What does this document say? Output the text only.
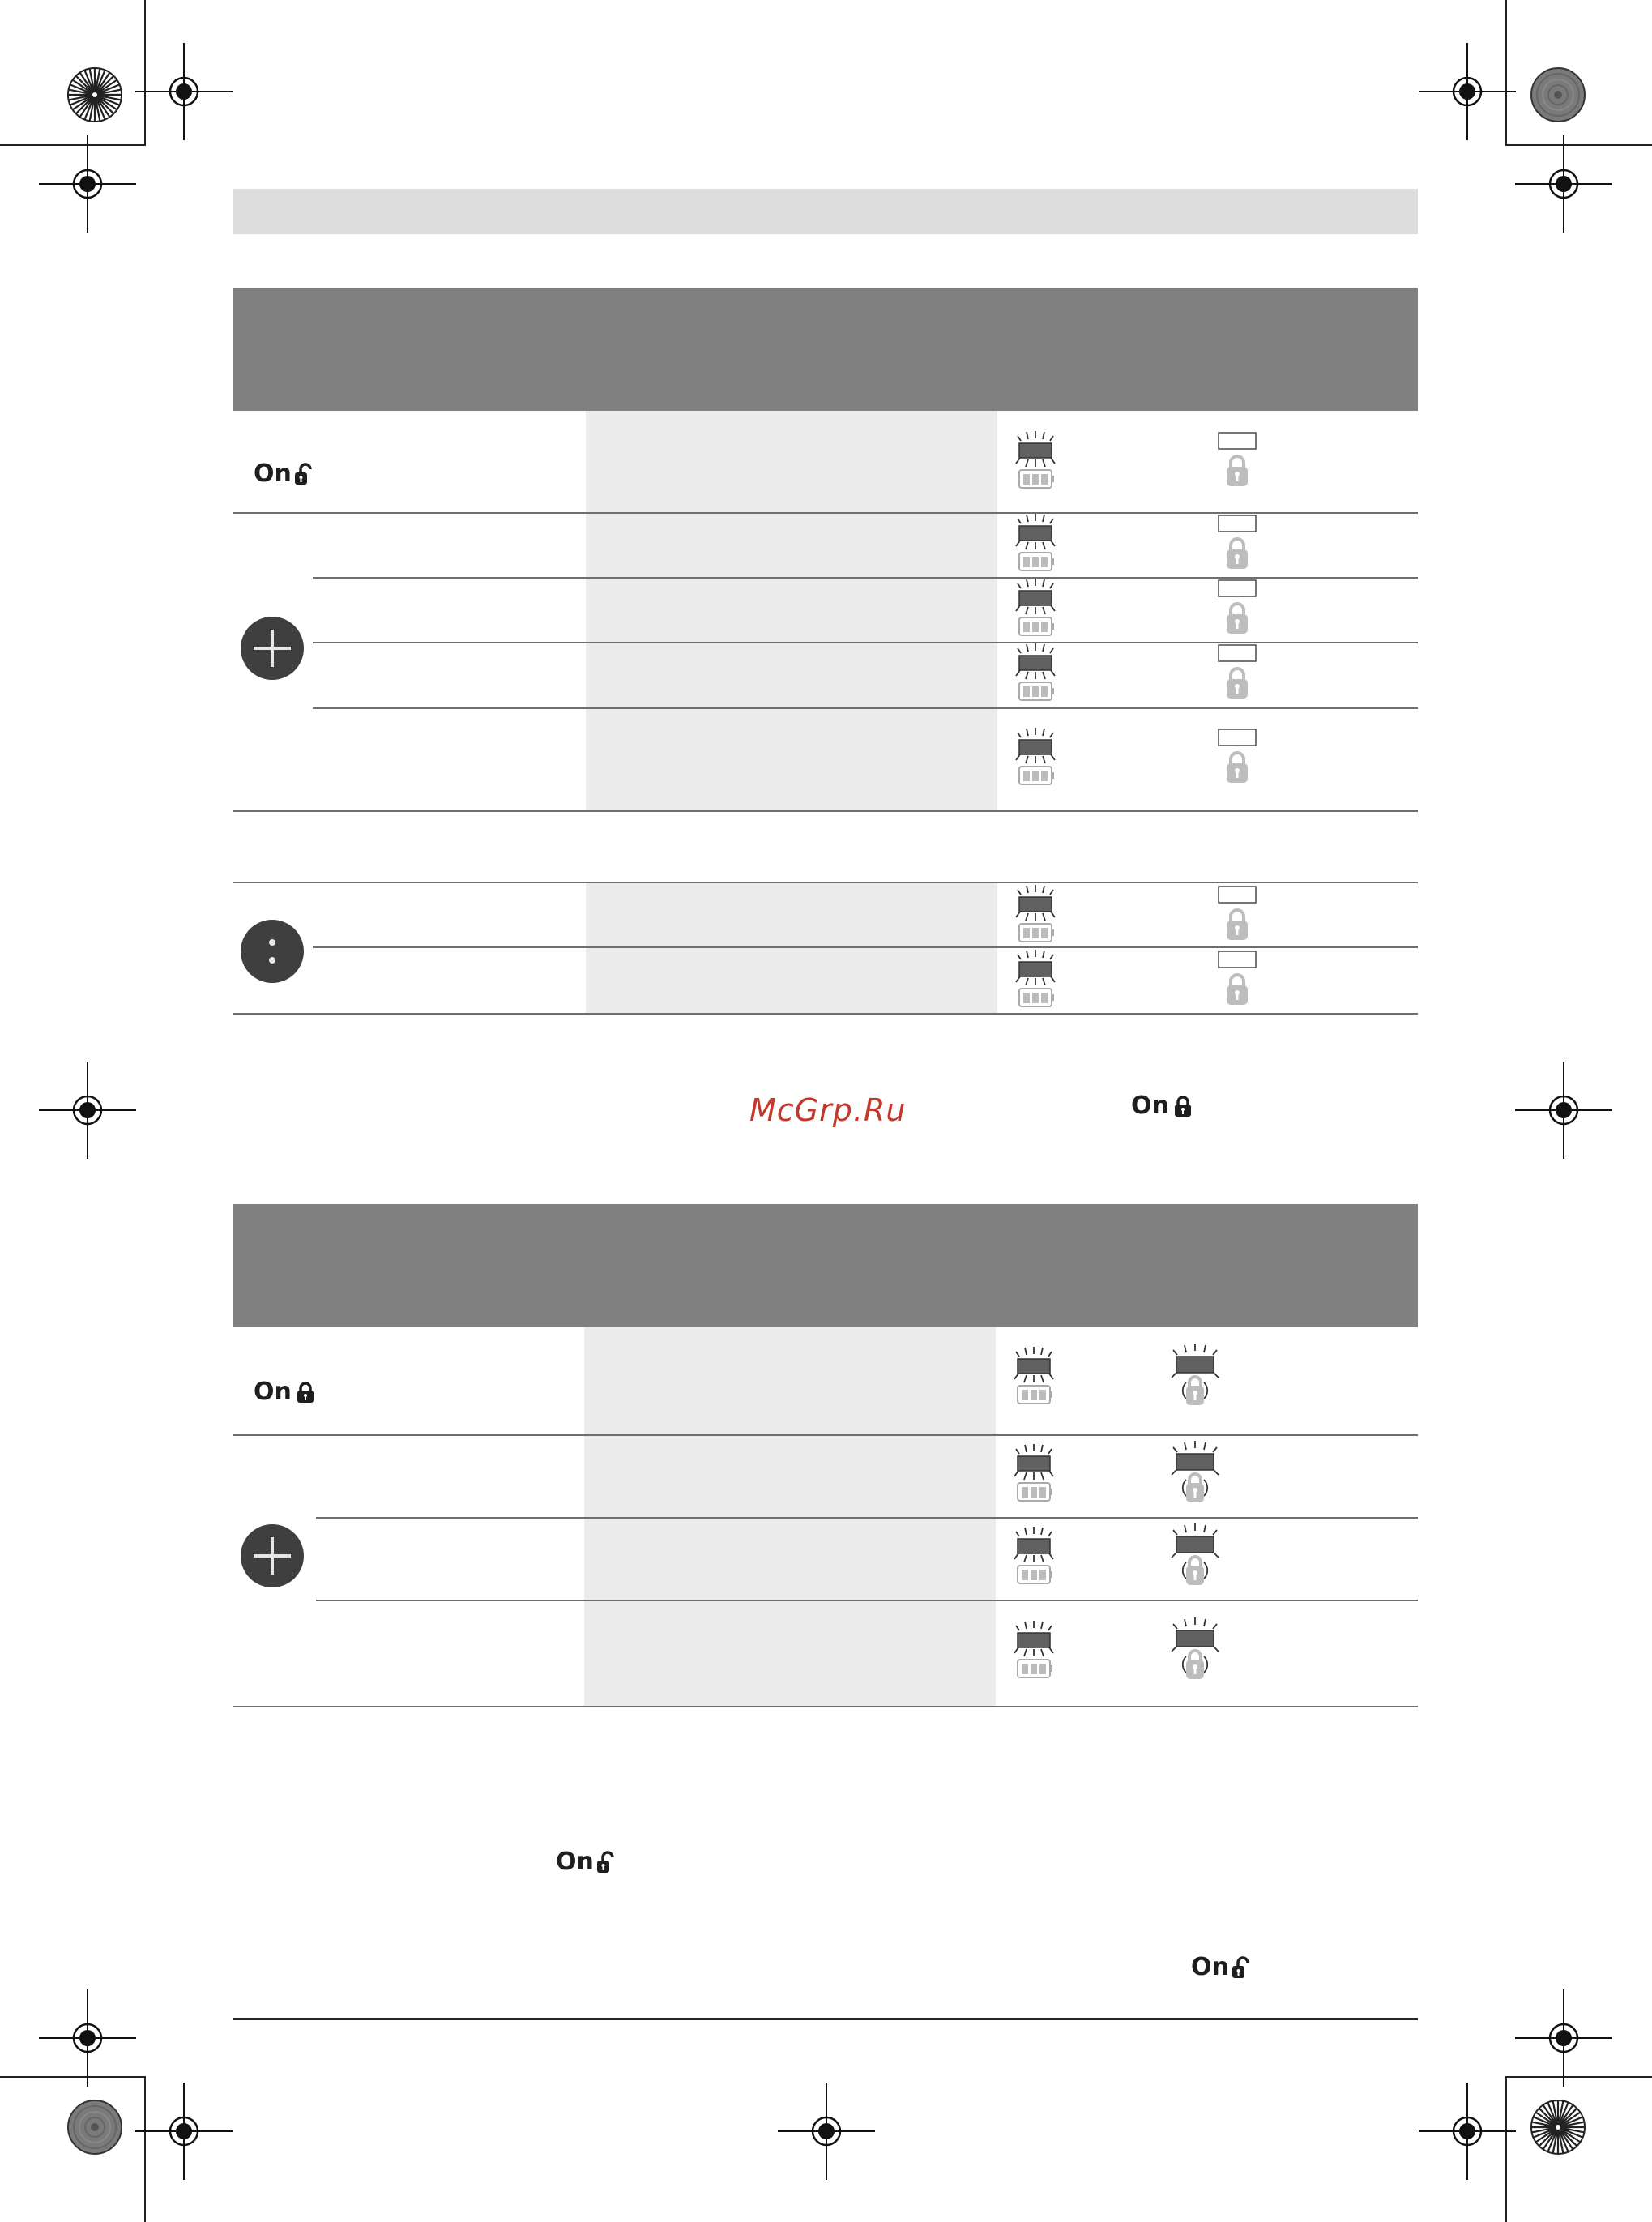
On
McGrp.Ru	On
On
On
On
